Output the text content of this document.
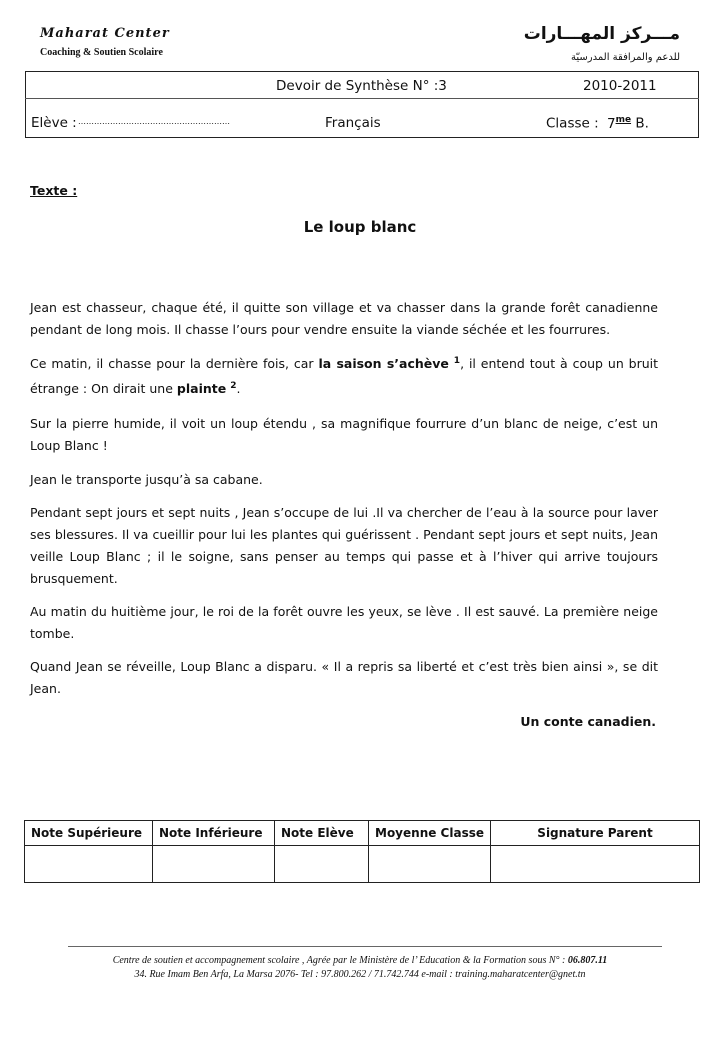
Maharat Center
Coaching & Soutien Scolaire
مـــركز المهـــارات
للدعم والمرافقة المدرسيّة
Devoir de Synthèse N° :3	2010-2011
Elève : …………………………………………………	Français	Classe : $7^{me}$ B.
Texte :
Le loup blanc
Jean est chasseur, chaque été, il quitte son village et va chasser dans la grande forêt canadienne pendant de long mois. Il chasse l’ours pour vendre ensuite la viande séchée et les fourrures.
Ce matin, il chasse pour la dernière fois, car la saison s’achève $^1$, il entend tout à coup un bruit étrange : On dirait une plainte $^2$.
Sur la pierre humide, il voit un loup étendu , sa magnifique fourrure d’un blanc de neige, c’est un Loup Blanc !
Jean le transporte jusqu’à sa cabane.
Pendant sept jours et sept nuits , Jean s’occupe de lui .Il va chercher de l’eau à la source pour laver ses blessures. Il va cueillir pour lui les plantes qui guérissent . Pendant sept jours et sept nuits, Jean veille Loup Blanc ; il le soigne, sans penser au temps qui passe et à l’hiver qui arrive toujours brusquement.
Au matin du huitième jour, le roi de la forêt ouvre les yeux, se lève . Il est sauvé. La première neige tombe.
Quand Jean se réveille, Loup Blanc a disparu. « Il a repris sa liberté et c’est très bien ainsi », se dit Jean.
Un conte canadien.
Note Supérieure	Note Inférieure	Note Elève	Moyenne Classe	Signature Parent

Centre de soutien et accompagnement scolaire , Agrée par le Ministère de l’ Education & la Formation sous N° : 06.807.11
34. Rue Imam Ben Arfa, La Marsa 2076- Tel : 97.800.262 / 71.742.744 e-mail : training.maharatcenter@gnet.tn
